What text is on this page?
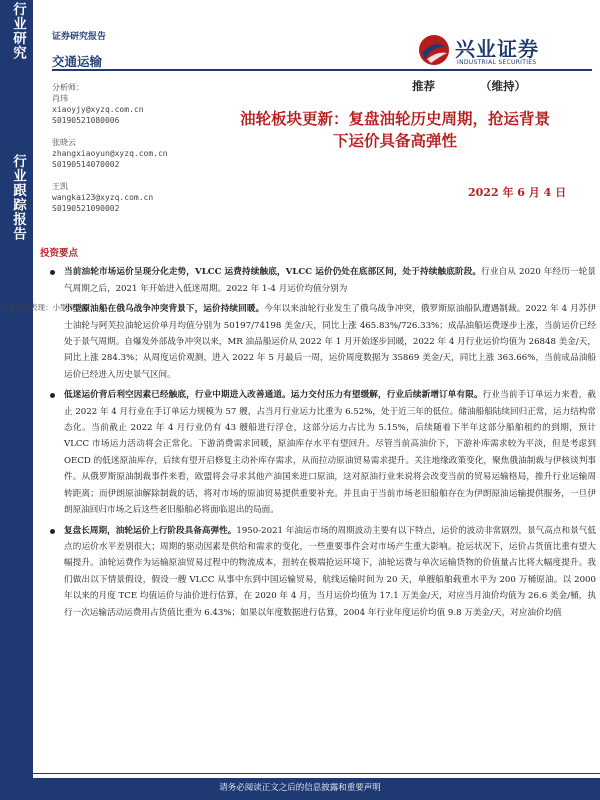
行业研究
行业跟踪报告
证券研究报告
交通运输
兴业证券
INDUSTRIAL SECURITIES
推荐	（维持）
分析师：
肖玮
xiaoyjy@xyzq.com.cn
S0190521080006
张晓云
zhangxiaoyun@xyzq.com.cn
S0190514070002
王凯
wangkai23@xyzq.com.cn
S0190521090002
油轮板块更新：复盘油轮历史周期，抢运背景
下运价具备高弹性
2022 年 6 月 4 日
行业运价表现：小型原油船
投资要点
当前油轮市场运价呈现分化走势，VLCC 运费持续触底，VLCC 运价仍处在底部区间，处于持续触底阶段。行业自从 2020 年经历一轮景气周期之后，2021 年开始进入低迷周期。2022 年 1-4 月运价均值分别为
小型原油船在俄乌战争冲突背景下，运价持续回暖。今年以来油轮行业发生了俄乌战争冲突，俄罗斯原油船队遭遇制裁。2022 年 4 月苏伊士油轮与阿芙拉油轮运价单月均值分别为 50197/74198 美金/天，同比上涨 465.83%/726.33%；成品油船运费逐步上涨，当前运价已经处于景气周期。自爆发外部战争冲突以来，MR 油品船运价从 2022 年 1 月开始逐步回暖，2022 年 4 月行业运价均值为 26848 美金/天，同比上涨 284.3%；从周度运价观测，进入 2022 年 5 月最后一周，运价周度数据为 35869 美金/天，同比上涨 363.66%，当前成品油船运价已经进入历史景气区间。
低迷运价背后利空因素已经触底，行业中期进入改善通道。运力交付压力有望缓解，行业后续新增订单有限。行业当前手订单运力来看，截止 2022 年 4 月行业在手订单运力规模为 57 艘，占当月行业运力比重为 6.52%，处于近三年的低位。储油船船陆续回归正常，运力结构常态化。当前截止 2022 年 4 月行业仍有 43 艘船进行浮仓，这部分运力占比为 5.15%，后续随着下半年这部分船舶租约的到期，预计 VLCC 市场运力活动将会正常化。下游消费需求回暖，原油库存水平有望回升。尽管当前高油价下，下游补库需求较为平淡，但是考虑到 OECD 的低迷原油库存，后续有望开启修复主动补库存需求，从而拉动原油贸易需求提升。关注地缘政策变化，聚焦俄油制裁与伊核谈判事件。从俄罗斯原油制裁事件来看，欧盟将会寻求其他产油国来进口原油，这对原油行业来说将会改变当前的贸易运输格局，推升行业运输周转距离；而伊朗原油解除制裁的话，将对市场的原油贸易提供重要补充。并且由于当前市场老旧船舶存在为伊朗原油运输提供服务，一旦伊朗原油回归市场之后这些老旧船舶必将面临退出的局面。
复盘长周期，油轮运价上行阶段具备高弹性。1950-2021 年油运市场的周期波动主要有以下特点，运价的波动非常剧烈，景气高点和景气低点的运价水平差别很大；周期的驱动因素是供给和需求的变化，一些重要事件会对市场产生重大影响。抢运状况下，运价占货值比重有望大幅提升。油轮运费作为运输原油贸易过程中的物流成本，扭转在极端抢运环境下，油轮运费与单次运输货物的价值量占比将大幅度提升。我们做出以下情景假设，假设一艘 VLCC 从事中东到中国运输贸易，航线运输时间为 20 天，单艘船舶载重水平为 200 万桶原油。以 2000 年以来的月度 TCE 均值运价与油价进行估算，在 2020 年 4 月，当月运价均值为 17.1 万美金/天，对应当月油价均值为 26.6 美金/桶，执行一次运输活动运费用占货值比重为 6.43%；如果以年度数据进行估算，2004 年行业年度运价均值 9.8 万美金/天，对应油价均值
请务必阅读正文之后的信息披露和重要声明
